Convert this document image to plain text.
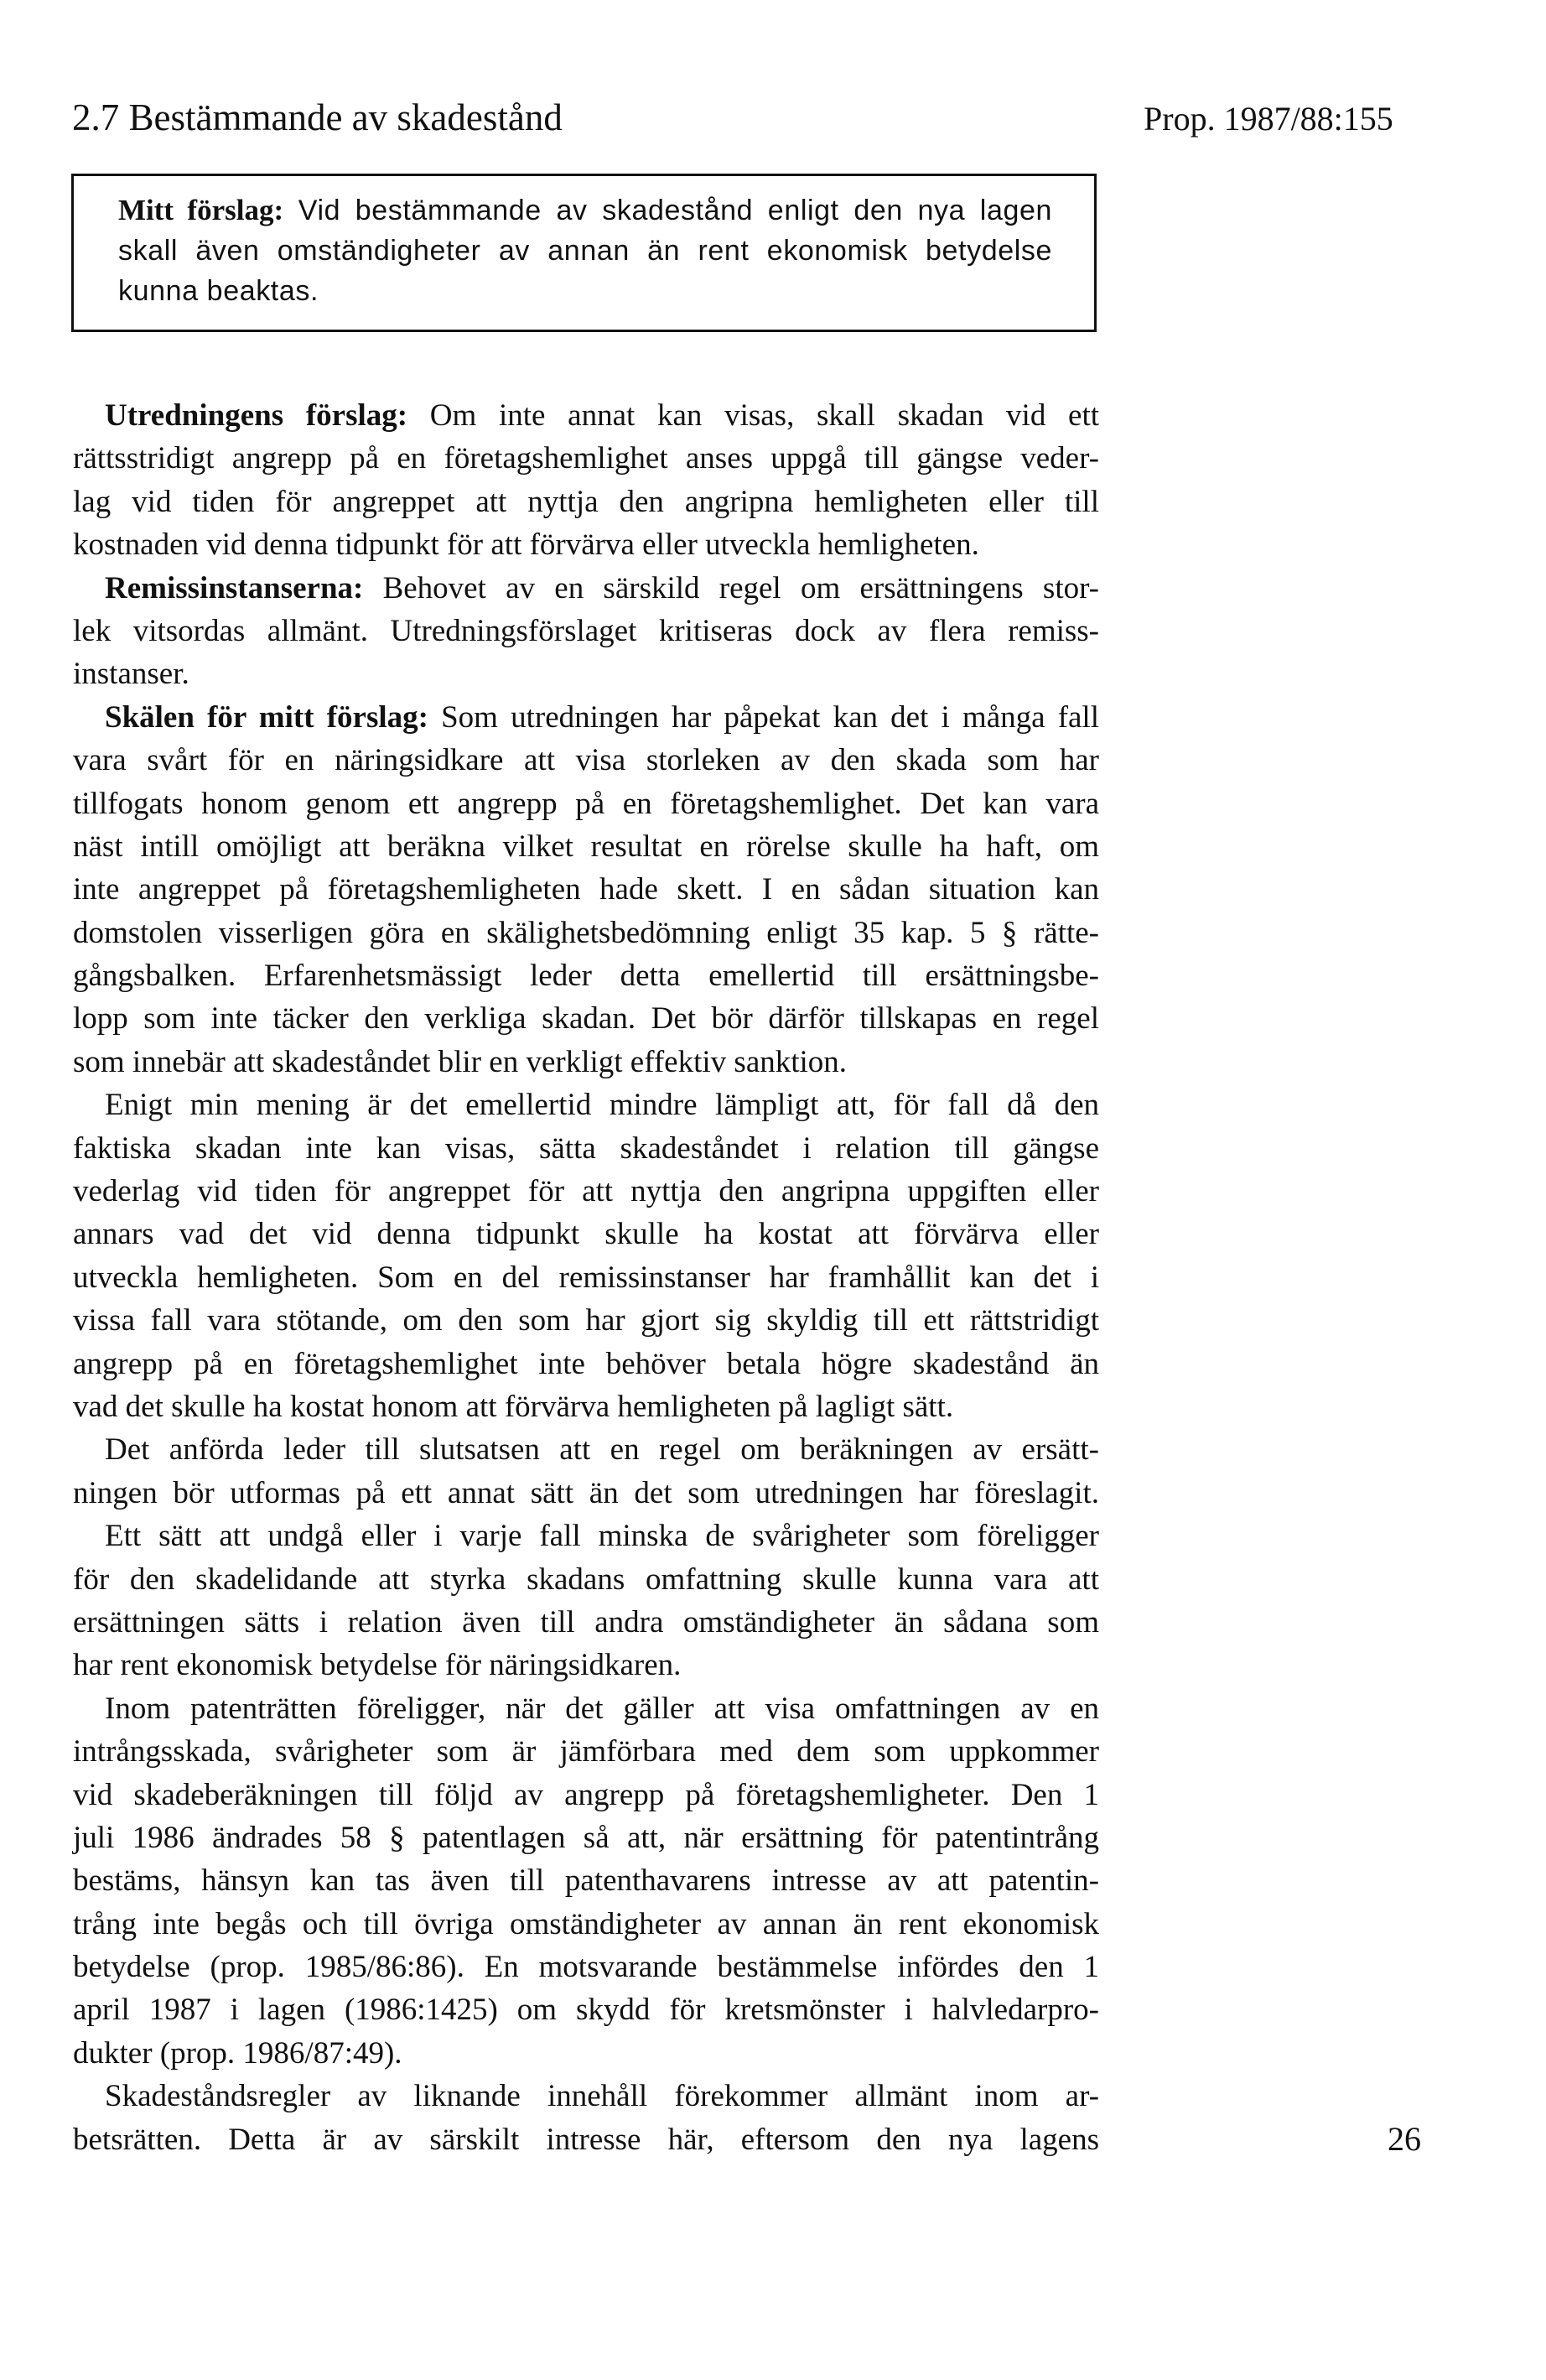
2.7 Bestämmande av skadestånd	Prop. 1987/88:155
Mitt förslag: Vid bestämmande av skadestånd enligt den nya lagen skall även omständigheter av annan än rent ekonomisk betydelse kunna beaktas.
Utredningens förslag: Om inte annat kan visas, skall skadan vid ett
rättsstridigt angrepp på en företagshemlighet anses uppgå till gängse veder-
lag vid tiden för angreppet att nyttja den angripna hemligheten eller till
kostnaden vid denna tidpunkt för att förvärva eller utveckla hemligheten.
Remissinstanserna: Behovet av en särskild regel om ersättningens stor-
lek vitsordas allmänt. Utredningsförslaget kritiseras dock av flera remiss-
instanser.
Skälen för mitt förslag: Som utredningen har påpekat kan det i många fall
vara svårt för en näringsidkare att visa storleken av den skada som har
tillfogats honom genom ett angrepp på en företagshemlighet. Det kan vara
näst intill omöjligt att beräkna vilket resultat en rörelse skulle ha haft, om
inte angreppet på företagshemligheten hade skett. I en sådan situation kan
domstolen visserligen göra en skälighetsbedömning enligt 35 kap. 5 § rätte-
gångsbalken. Erfarenhetsmässigt leder detta emellertid till ersättningsbe-
lopp som inte täcker den verkliga skadan. Det bör därför tillskapas en regel
som innebär att skadeståndet blir en verkligt effektiv sanktion.
Enigt min mening är det emellertid mindre lämpligt att, för fall då den
faktiska skadan inte kan visas, sätta skadeståndet i relation till gängse
vederlag vid tiden för angreppet för att nyttja den angripna uppgiften eller
annars vad det vid denna tidpunkt skulle ha kostat att förvärva eller
utveckla hemligheten. Som en del remissinstanser har framhållit kan det i
vissa fall vara stötande, om den som har gjort sig skyldig till ett rättstridigt
angrepp på en företagshemlighet inte behöver betala högre skadestånd än
vad det skulle ha kostat honom att förvärva hemligheten på lagligt sätt.
Det anförda leder till slutsatsen att en regel om beräkningen av ersätt-
ningen bör utformas på ett annat sätt än det som utredningen har föreslagit.
Ett sätt att undgå eller i varje fall minska de svårigheter som föreligger
för den skadelidande att styrka skadans omfattning skulle kunna vara att
ersättningen sätts i relation även till andra omständigheter än sådana som
har rent ekonomisk betydelse för näringsidkaren.
Inom patenträtten föreligger, när det gäller att visa omfattningen av en
intrångsskada, svårigheter som är jämförbara med dem som uppkommer
vid skadeberäkningen till följd av angrepp på företagshemligheter. Den 1
juli 1986 ändrades 58 § patentlagen så att, när ersättning för patentintrång
bestäms, hänsyn kan tas även till patenthavarens intresse av att patentin-
trång inte begås och till övriga omständigheter av annan än rent ekonomisk
betydelse (prop. 1985/86:86). En motsvarande bestämmelse infördes den 1
april 1987 i lagen (1986:1425) om skydd för kretsmönster i halvledarpro-
dukter (prop. 1986/87:49).
Skadeståndsregler av liknande innehåll förekommer allmänt inom ar-
betsrätten. Detta är av särskilt intresse här, eftersom den nya lagens	26
